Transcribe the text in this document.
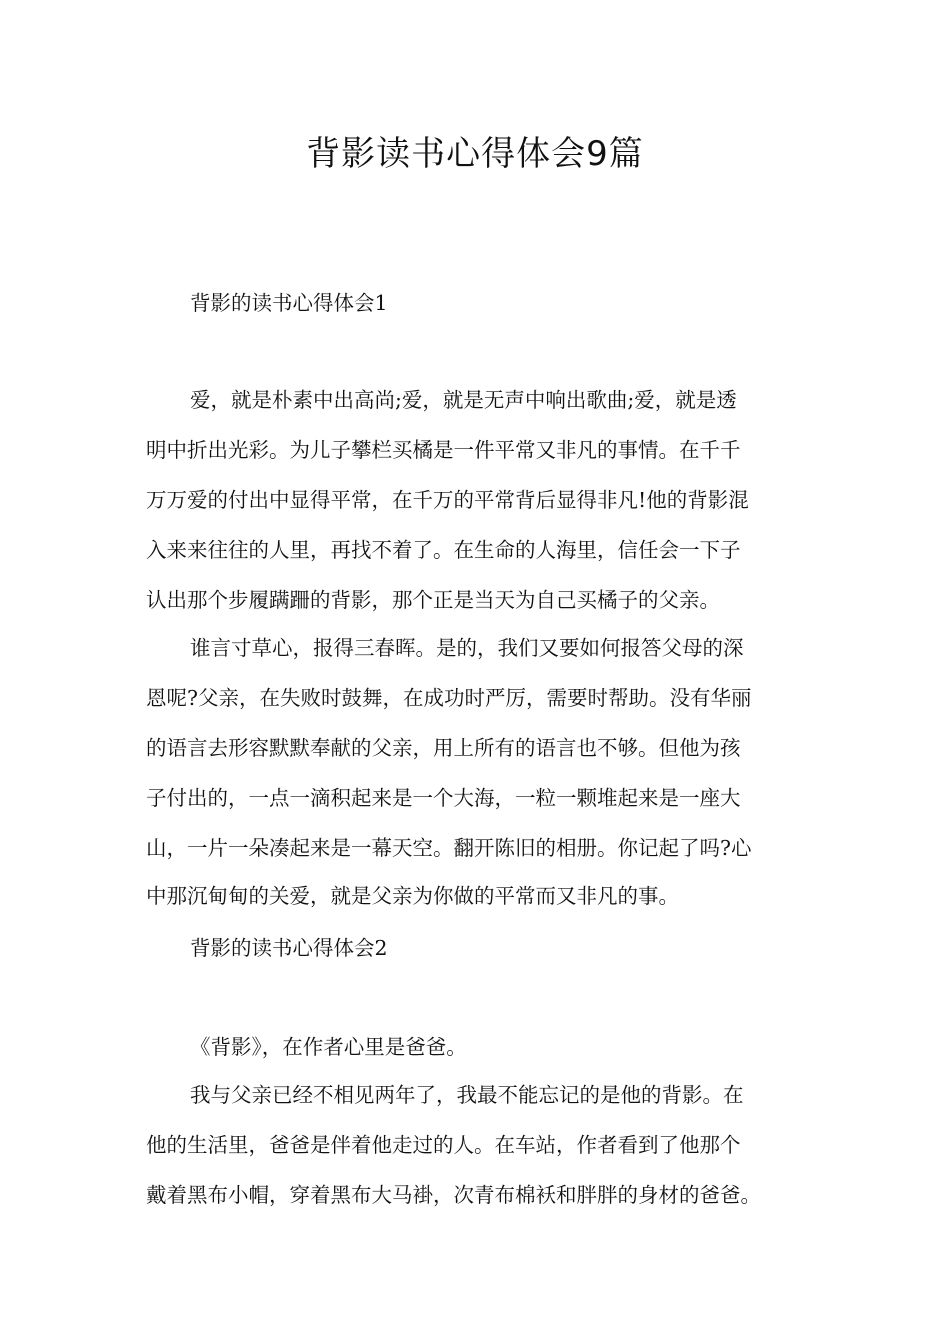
背影读书心得体会9篇
背影的读书心得体会1
爱，就是朴素中出高尚;爱，就是无声中响出歌曲;爱，就是透
明中折出光彩。为儿子攀栏买橘是一件平常又非凡的事情。在千千
万万爱的付出中显得平常，在千万的平常背后显得非凡!他的背影混
入来来往往的人里，再找不着了。在生命的人海里，信任会一下子
认出那个步履蹒跚的背影，那个正是当天为自己买橘子的父亲。
谁言寸草心，报得三春晖。是的，我们又要如何报答父母的深
恩呢?父亲，在失败时鼓舞，在成功时严厉，需要时帮助。没有华丽
的语言去形容默默奉献的父亲，用上所有的语言也不够。但他为孩
子付出的，一点一滴积起来是一个大海，一粒一颗堆起来是一座大
山，一片一朵凑起来是一幕天空。翻开陈旧的相册。你记起了吗?心
中那沉甸甸的关爱，就是父亲为你做的平常而又非凡的事。
背影的读书心得体会2
《背影》，在作者心里是爸爸。
我与父亲已经不相见两年了，我最不能忘记的是他的背影。在
他的生活里，爸爸是伴着他走过的人。在车站，作者看到了他那个
戴着黑布小帽，穿着黑布大马褂，次青布棉袄和胖胖的身材的爸爸。
